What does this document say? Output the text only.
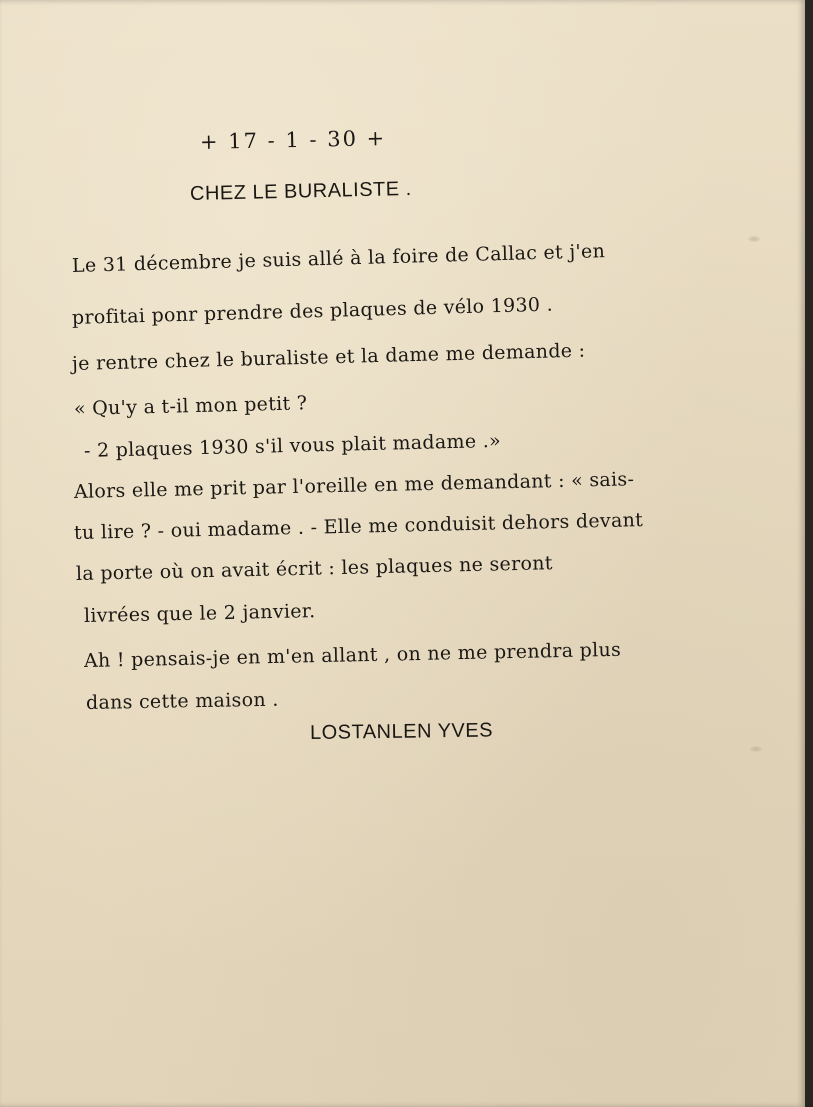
+ 17 - 1 - 30 +
CHEZ LE BURALISTE .
Le 31 décembre je suis allé à la foire de Callac et j'en
profitai ponr prendre des plaques de vélo 1930 .
je rentre chez le buraliste et la dame me demande :
« Qu'y a t-il mon petit ?
- 2 plaques 1930 s'il vous plait madame .»
Alors elle me prit par l'oreille en me demandant : « sais-
tu lire ? - oui madame . - Elle me conduisit dehors devant
la porte où on avait écrit : les plaques ne seront
livrées que le 2 janvier.
Ah ! pensais-je en m'en allant , on ne me prendra plus
dans cette maison .
LOSTANLEN YVES
